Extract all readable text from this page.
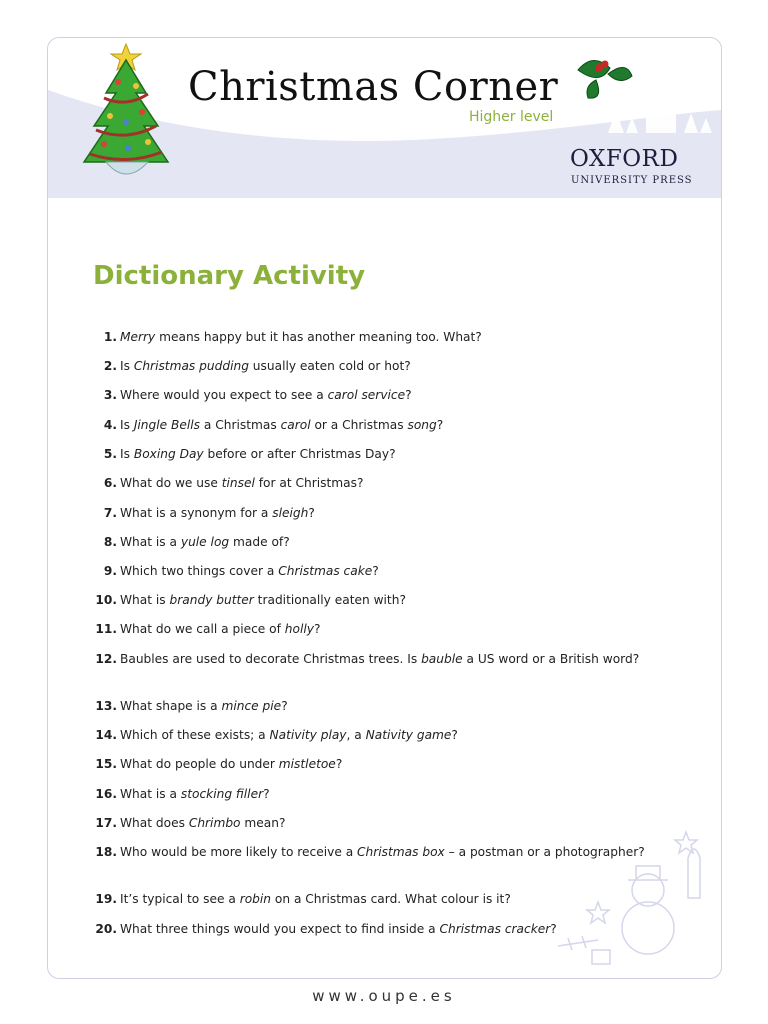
Christmas Corner
Higher level
OXFORD
UNIVERSITY PRESS
Dictionary Activity
1. Merry means happy but it has another meaning too. What?
2. Is Christmas pudding usually eaten cold or hot?
3. Where would you expect to see a carol service?
4. Is Jingle Bells a Christmas carol or a Christmas song?
5. Is Boxing Day before or after Christmas Day?
6. What do we use tinsel for at Christmas?
7. What is a synonym for a sleigh?
8. What is a yule log made of?
9. Which two things cover a Christmas cake?
10. What is brandy butter traditionally eaten with?
11. What do we call a piece of holly?
12. Baubles are used to decorate Christmas trees. Is bauble a US word or a British word?
13. What shape is a mince pie?
14. Which of these exists; a Nativity play, a Nativity game?
15. What do people do under mistletoe?
16. What is a stocking filler?
17. What does Chrimbo mean?
18. Who would be more likely to receive a Christmas box – a postman or a photographer?
19. It’s typical to see a robin on a Christmas card. What colour is it?
20. What three things would you expect to find inside a Christmas cracker?
www.oupe.es
